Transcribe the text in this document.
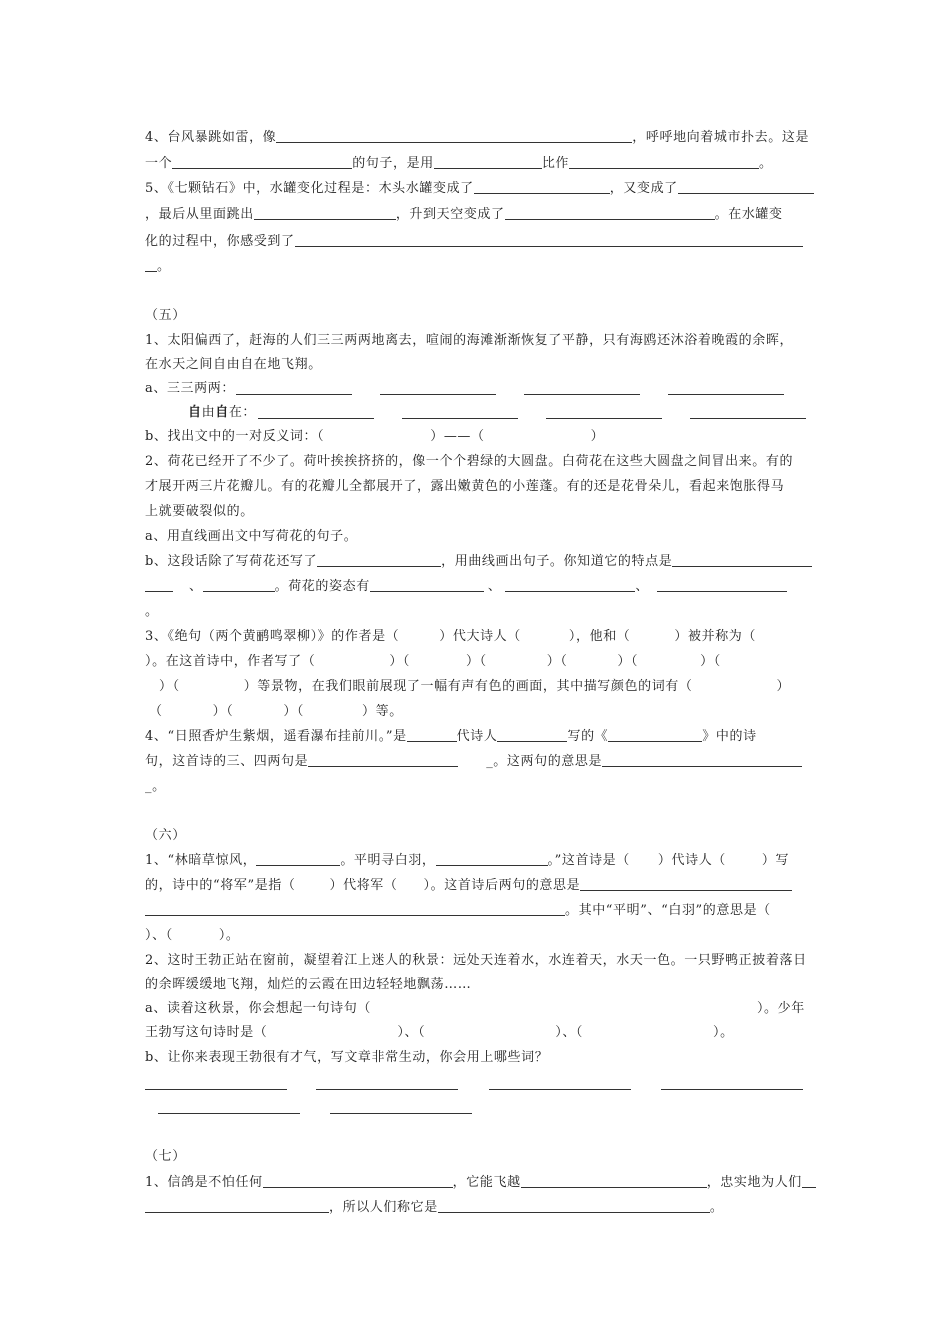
4、台风暴跳如雷，像	，呼呼地向着城市扑去。这是
一个	的句子，是用	比作	。
5、《七颗钻石》中，水罐变化过程是：木头水罐变成了	，又变成了
，最后从里面跳出	，升到天空变成了	。在水罐变
化的过程中，你感受到了
。
（五）
1、太阳偏西了，赶海的人们三三两两地离去，喧闹的海滩渐渐恢复了平静，只有海鸥还沐浴着晚霞的余晖，
在水天之间自由自在地飞翔。
a、三三两两：
自由自在：
b、找出文中的一对反义词：（	）——（	）
2、荷花已经开了不少了。荷叶挨挨挤挤的，像一个个碧绿的大圆盘。白荷花在这些大圆盘之间冒出来。有的
才展开两三片花瓣儿。有的花瓣儿全都展开了，露出嫩黄色的小莲蓬。有的还是花骨朵儿，看起来饱胀得马
上就要破裂似的。
a、用直线画出文中写荷花的句子。
b、这段话除了写荷花还写了	，用曲线画出句子。你知道它的特点是
、	。荷花的姿态有	、	、
。
3、《绝句（两个黄鹂鸣翠柳）》的作者是（	）代大诗人（	），他和（	）被并称为（
）。在这首诗中，作者写了（	）（	）（	）（	）（	）（
）（	）等景物，在我们眼前展现了一幅有声有色的画面，其中描写颜色的词有（	）
（	）（	）（	）等。
4、“日照香炉生紫烟，遥看瀑布挂前川。”是	代诗人	写的《	》中的诗
句，这首诗的三、四两句是	_。这两句的意思是
_。
（六）
1、“林暗草惊风，	。平明寻白羽，	。”这首诗是（ ）代诗人（	）写
的，诗中的“将军”是指（	）代将军（ ）。这首诗后两句的意思是
。其中“平明”、“白羽”的意思是（
）、（	）。
2、这时王勃正站在窗前，凝望着江上迷人的秋景：远处天连着水，水连着天，水天一色。一只野鸭正披着落日
的余晖缓缓地飞翔，灿烂的云霞在田边轻轻地飘荡……
a、读着这秋景，你会想起一句诗句（	）。少年
王勃写这句诗时是（	）、（	）、（	）。
b、让你来表现王勃很有才气，写文章非常生动，你会用上哪些词？
（七）
1、信鸽是不怕任何	，它能飞越	，忠实地为人们
，所以人们称它是	。
